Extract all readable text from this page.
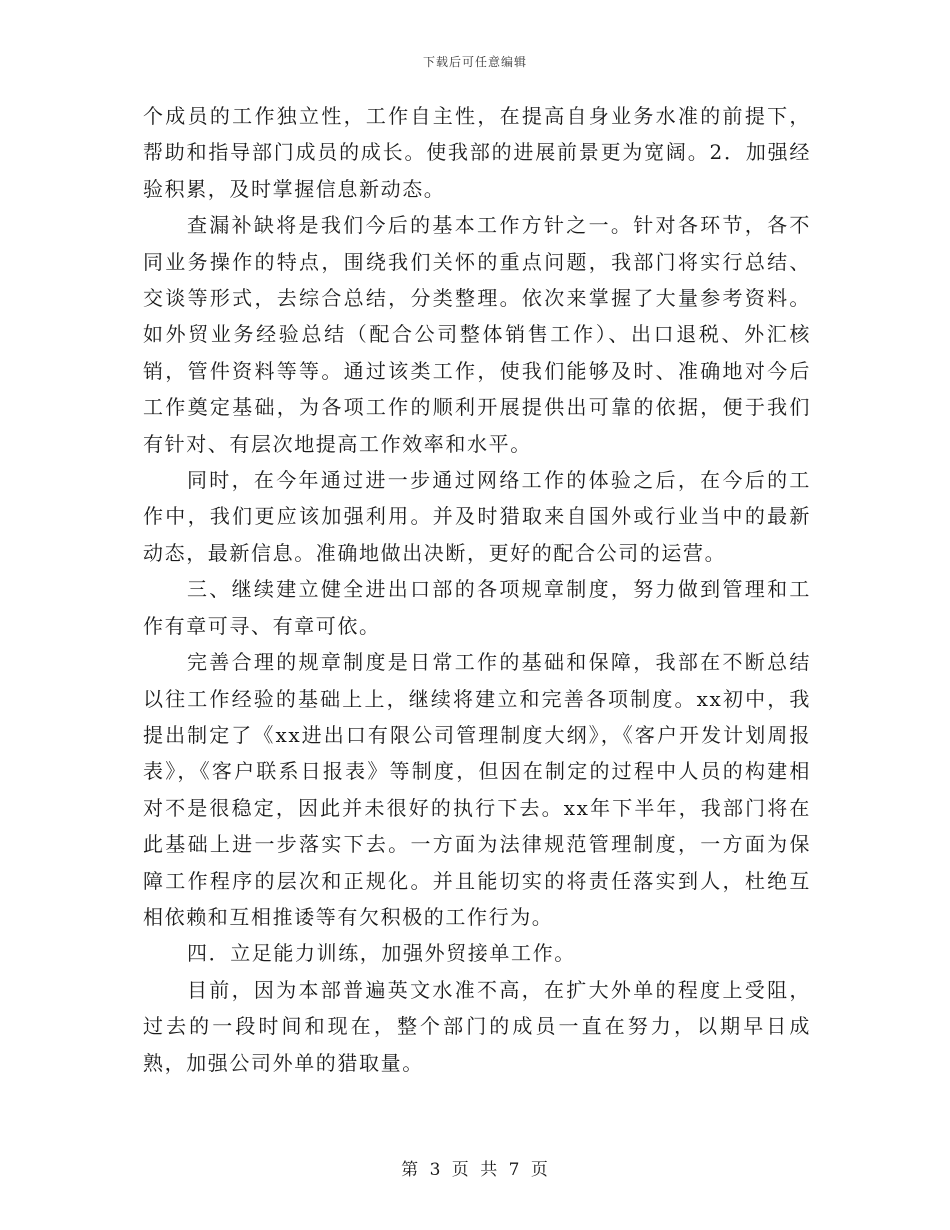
下载后可任意编辑

个成员的工作独立性，工作自主性，在提高自身业务水准的前提下，帮助和指导部门成员的成长。使我部的进展前景更为宽阔。2．加强经验积累，及时掌握信息新动态。

查漏补缺将是我们今后的基本工作方针之一。针对各环节，各不同业务操作的特点，围绕我们关怀的重点问题，我部门将实行总结、交谈等形式，去综合总结，分类整理。依次来掌握了大量参考资料。如外贸业务经验总结（配合公司整体销售工作）、出口退税、外汇核销，管件资料等等。通过该类工作，使我们能够及时、准确地对今后工作奠定基础，为各项工作的顺利开展提供出可靠的依据，便于我们有针对、有层次地提高工作效率和水平。

同时，在今年通过进一步通过网络工作的体验之后，在今后的工作中，我们更应该加强利用。并及时猎取来自国外或行业当中的最新动态，最新信息。准确地做出决断，更好的配合公司的运营。

三、继续建立健全进出口部的各项规章制度，努力做到管理和工作有章可寻、有章可依。

完善合理的规章制度是日常工作的基础和保障，我部在不断总结以往工作经验的基础上上，继续将建立和完善各项制度。xx初中，我提出制定了《xx进出口有限公司管理制度大纲》，《客户开发计划周报表》，《客户联系日报表》等制度，但因在制定的过程中人员的构建相对不是很稳定，因此并未很好的执行下去。xx年下半年，我部门将在此基础上进一步落实下去。一方面为法律规范管理制度，一方面为保障工作程序的层次和正规化。并且能切实的将责任落实到人，杜绝互相依赖和互相推诿等有欠积极的工作行为。

四．立足能力训练，加强外贸接单工作。

目前，因为本部普遍英文水准不高，在扩大外单的程度上受阻，过去的一段时间和现在，整个部门的成员一直在努力，以期早日成熟，加强公司外单的猎取量。

第 3 页 共 7 页
